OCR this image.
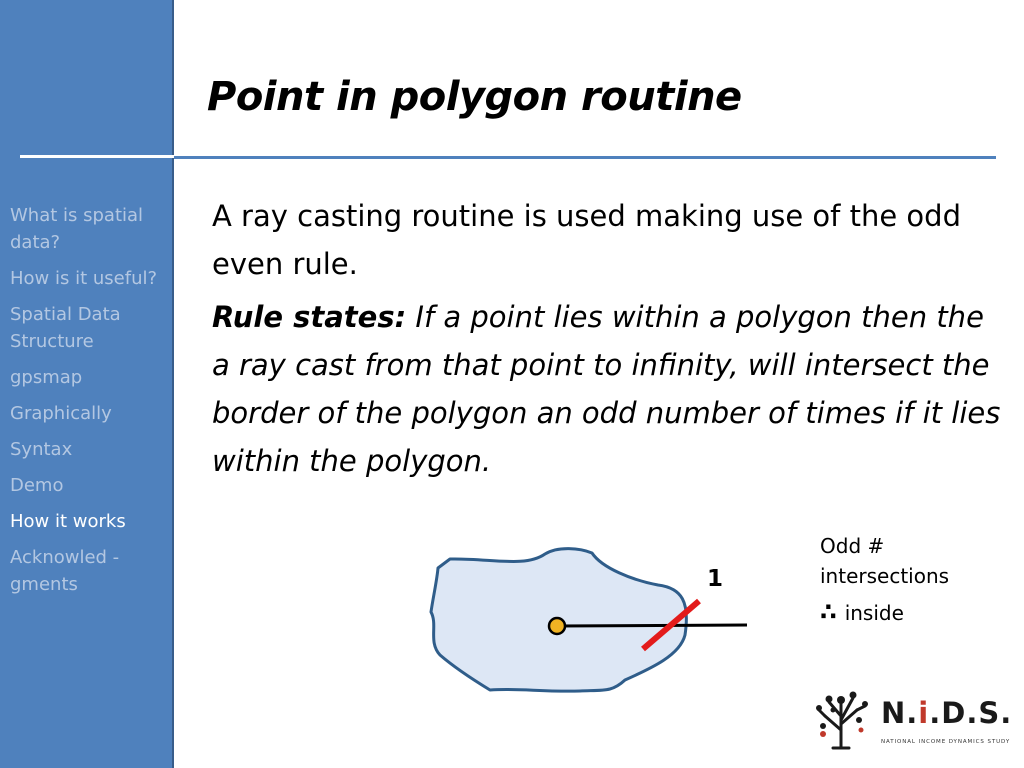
What is spatial data?
How is it useful?
Spatial Data Structure
gpsmap
Graphically
Syntax
Demo
How it works
Acknowled - gments
Point in polygon routine

A ray casting routine is used making use of the odd even rule.

Rule states: If a point lies within a polygon then the a ray cast from that point to infinity, will intersect the border of the polygon an odd number of times if it lies within the polygon.

1
Odd #
intersections
∴ inside
N.i.D.S.
NATIONAL INCOME DYNAMICS STUDY
